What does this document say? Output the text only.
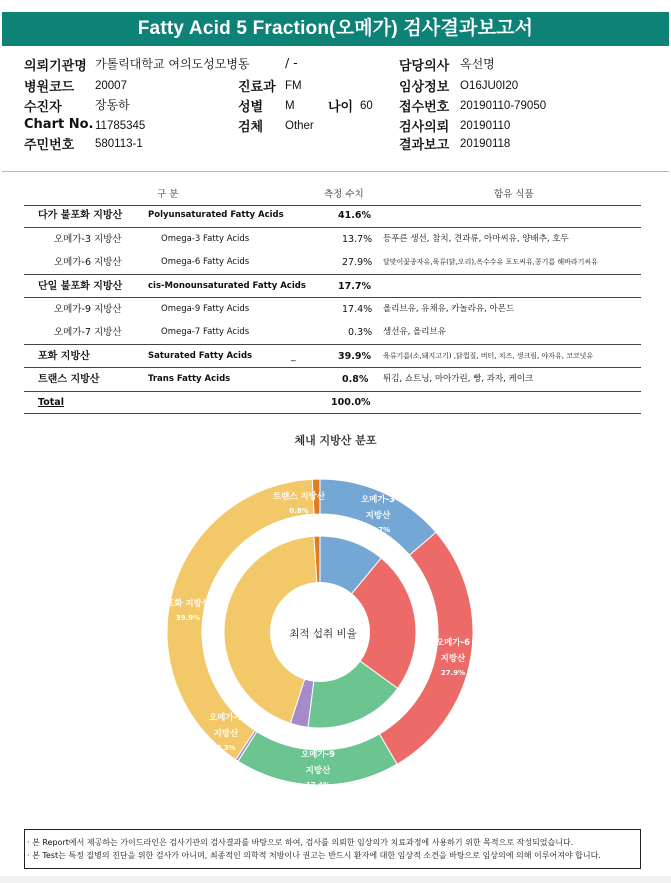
Fatty Acid 5 Fraction(오메가) 검사결과보고서
의뢰기관명 가톨릭대학교 여의도성모병동	/ -	담당의사 옥선명
병원코드 20007	진료과 FM	임상정보 O16JU0I20
수진자	장동하	성별 M	나이 60 접수번호 20190110-79050
Chart No. 11785345	검체 Other	검사의뢰 20190110
주민번호 580113-1	결과보고 20190118
구 분	측정 수치	함유 식품
다가 불포화 지방산	Polyunsaturated Fatty Acids	41.6%
오메가-3 지방산	Omega-3 Fatty Acids	13.7% 등푸른 생선, 참치, 견과류, 아마씨유, 양배추, 호두
오메가-6 지방산	Omega-6 Fatty Acids	27.9% 달맞이꽃종자유,육류(닭,오리),옥수수유 포도씨유,콩기름 해바라기씨유
단일 불포화 지방산	cis-Monounsaturated Fatty Acids	17.7%
오메가-9 지방산	Omega-9 Fatty Acids	17.4% 올리브유, 유채유, 카놀라유, 아몬드
오메가-7 지방산	Omega-7 Fatty Acids	0.3% 생선유, 올리브유
포화 지방산	Saturated Fatty Acids	_	39.9% 육류기름(소,돼지고기) ,닭껍질, 버터, 치즈, 생크림, 야자유, 코코넛유
트랜스 지방산	Trans Fatty Acids	0.8% 튀김, 쇼트닝, 마아가린, 빵, 과자, 케이크
Total	100.0%
체내 지방산 분포
오메가-3
지방산
13.7%
오메가-6
지방산
27.9%
오메가-9
지방산
17.4%
오메가-7
지방산
0.3%
포화 지방산
39.9%
트랜스 지방산
0.8%
최적 섭취 비율
· 본 Report에서 제공하는 가이드라인은 검사기관의 검사결과를 바탕으로 하여, 검사를 의뢰한 임상의가 치료과정에 사용하기 위한 목적으로 작성되었습니다.
· 본 Test는 특정 질병의 진단을 위한 검사가 아니며, 최종적인 의학적 처방이나 권고는 반드시 환자에 대한 임상적 소견을 바탕으로 임상의에 의해 이루어져야 합니다.
